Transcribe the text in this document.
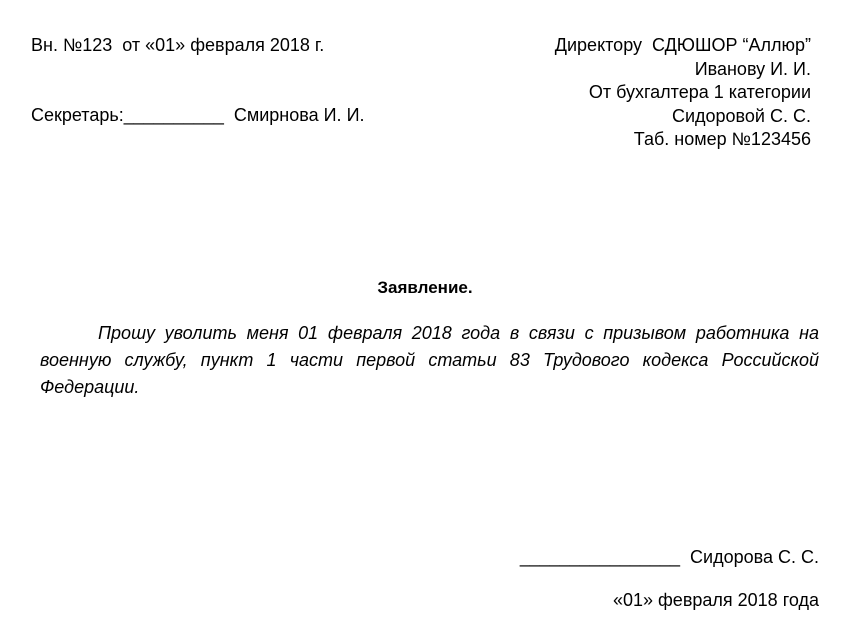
Вн. №123  от «01» февраля 2018 г.
Секретарь:__________  Смирнова И. И.
Директору  СДЮШОР “Аллюр”
Иванову И. И.
От бухгалтера 1 категории
Сидоровой С. С.
Таб. номер №123456
Заявление.
Прошу уволить меня 01 февраля 2018 года в связи с призывом работника на военную службу, пункт 1 части первой статьи 83 Трудового кодекса Российской Федерации.
________________  Сидорова С. С.
«01» февраля 2018 года
